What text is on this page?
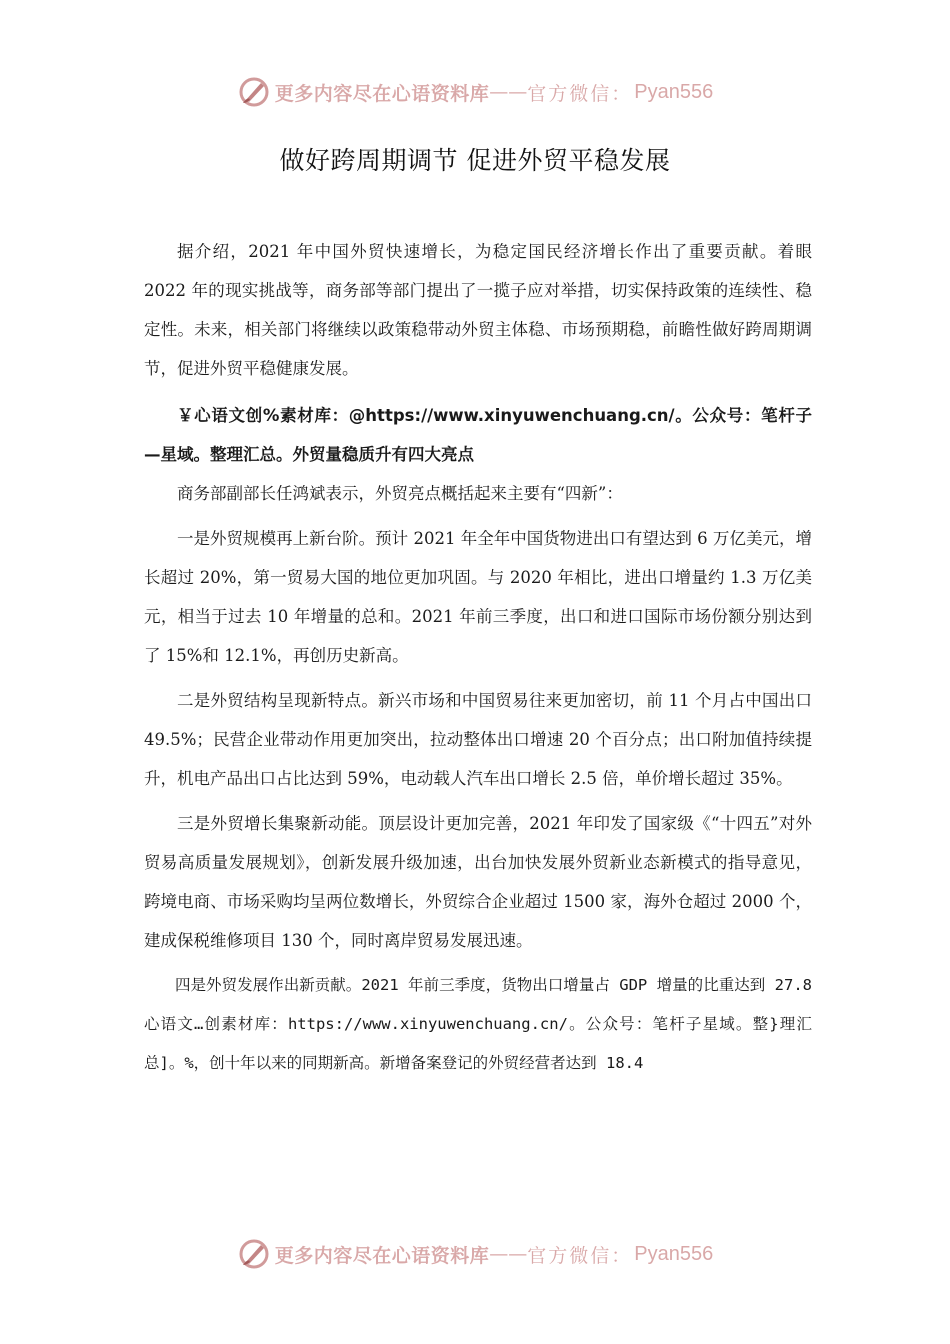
更多内容尽在心语资料库 —— 官方微信： Pyan556
做好跨周期调节 促进外贸平稳发展

据介绍，2021 年中国外贸快速增长，为稳定国民经济增长作出了重要贡献。着眼 2022 年的现实挑战等，商务部等部门提出了一揽子应对举措，切实保持政策的连续性、稳定性。未来，相关部门将继续以政策稳带动外贸主体稳、市场预期稳，前瞻性做好跨周期调节，促进外贸平稳健康发展。

￥心语文创%素材库：@https://www.xinyuwenchuang.cn/。公众号：笔杆子—星域。整理汇总。外贸量稳质升有四大亮点

商务部副部长任鸿斌表示，外贸亮点概括起来主要有“四新”：

一是外贸规模再上新台阶。预计 2021 年全年中国货物进出口有望达到 6 万亿美元，增长超过 20%，第一贸易大国的地位更加巩固。与 2020 年相比，进出口增量约 1.3 万亿美元，相当于过去 10 年增量的总和。2021 年前三季度，出口和进口国际市场份额分别达到了 15%和 12.1%，再创历史新高。

二是外贸结构呈现新特点。新兴市场和中国贸易往来更加密切，前 11 个月占中国出口 49.5%；民营企业带动作用更加突出，拉动整体出口增速 20 个百分点；出口附加值持续提升，机电产品出口占比达到 59%，电动载人汽车出口增长 2.5 倍，单价增长超过 35%。

三是外贸增长集聚新动能。顶层设计更加完善，2021 年印发了国家级《“十四五”对外贸易高质量发展规划》，创新发展升级加速，出台加快发展外贸新业态新模式的指导意见，跨境电商、市场采购均呈两位数增长，外贸综合企业超过 1500 家，海外仓超过 2000 个，建成保税维修项目 130 个，同时离岸贸易发展迅速。

四是外贸发展作出新贡献。2021 年前三季度，货物出口增量占 GDP 增量的比重达到 27.8心语文…创素材库：https://www.xinyuwenchuang.cn/。公众号：笔杆子星域。整}理汇总]。%，创十年以来的同期新高。新增备案登记的外贸经营者达到 18.4

更多内容尽在心语资料库 —— 官方微信： Pyan556
